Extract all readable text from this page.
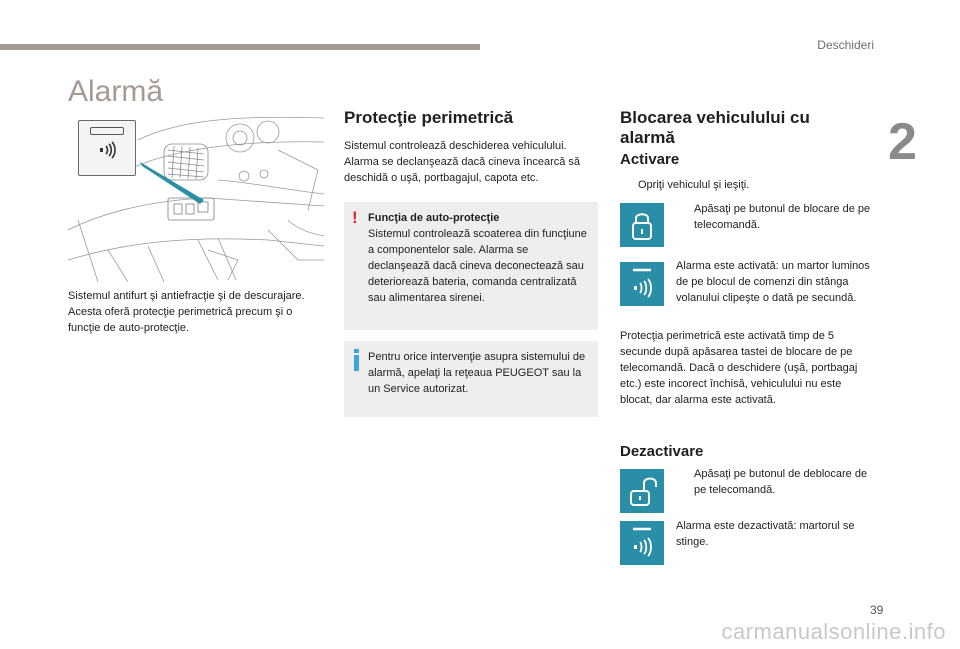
Deschideri
2
Alarmă

Sistemul antifurt şi antiefracţie şi de descurajare. Acesta oferă protecţie perimetrică precum şi o funcţie de auto-protecţie.

Protecţie perimetrică

Sistemul controlează deschiderea vehiculului. Alarma se declanşează dacă cineva încearcă să deschidă o uşă, portbagajul, capota etc.

! Funcţia de auto-protecţie
Sistemul controlează scoaterea din funcţiune a componentelor sale. Alarma se declanşează dacă cineva deconectează sau deteriorează bateria, comanda centralizată sau alimentarea sirenei.
Pentru orice intervenţie asupra sistemului de alarmă, apelaţi la reţeaua PEUGEOT sau la un Service autorizat.
Blocarea vehiculului cu alarmă
Activare
Opriţi vehiculul şi ieşiţi.
Apăsaţi pe butonul de blocare de pe telecomandă.

Alarma este activată: un martor luminos de pe blocul de comenzi din stânga volanului clipeşte o dată pe secundă.

Protecţia perimetrică este activată timp de 5 secunde după apăsarea tastei de blocare de pe telecomandă. Dacă o deschidere (uşă, portbagaj etc.) este incorect închisă, vehiculului nu este blocat, dar alarma este activată.

Dezactivare
Apăsaţi pe butonul de deblocare de pe telecomandă.

Alarma este dezactivată: martorul se stinge.

39
carmanualsonline.info
